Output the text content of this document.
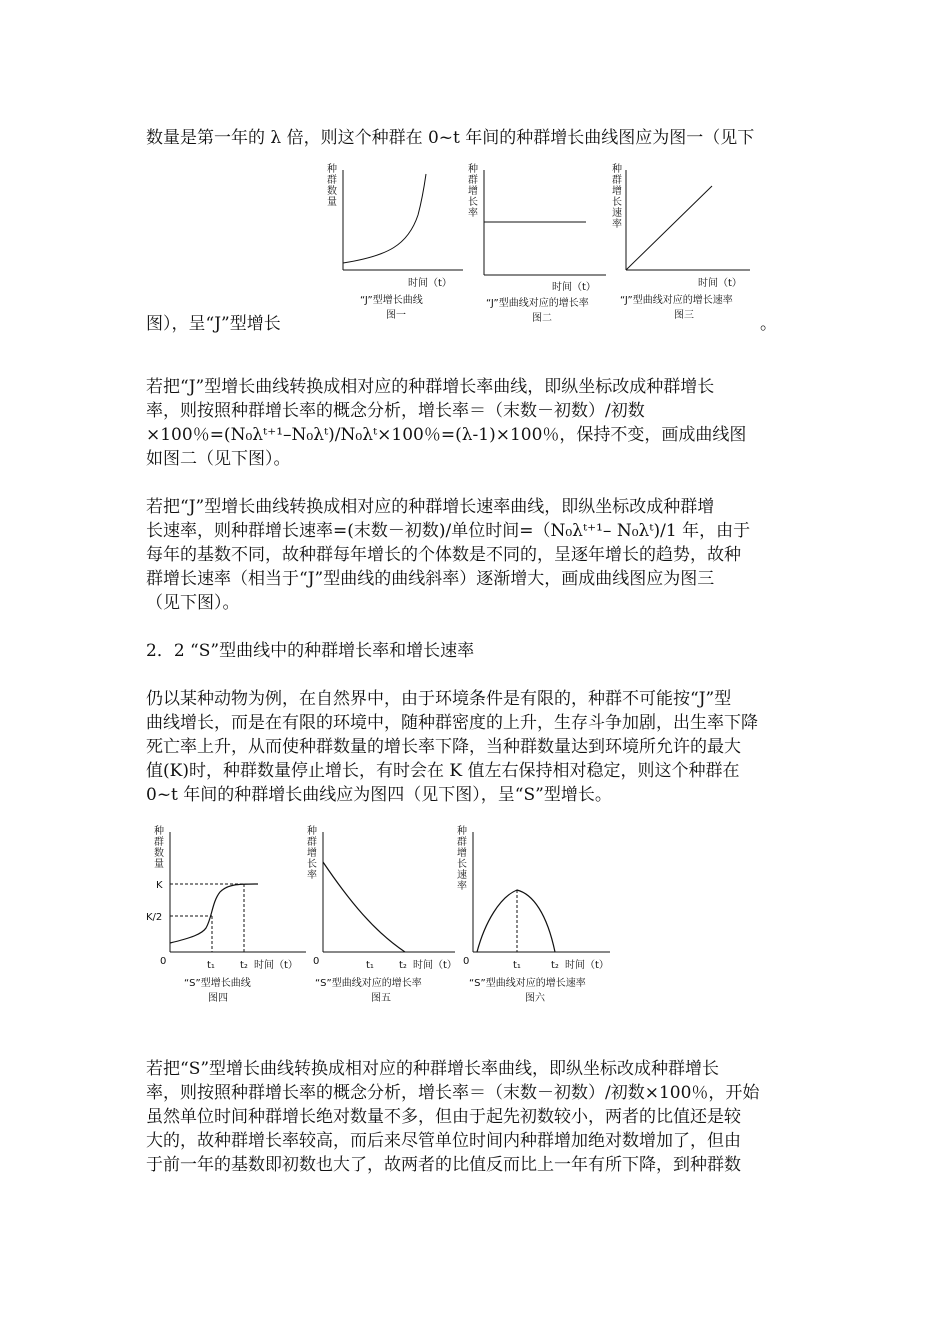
数量是第一年的 λ 倍，则这个种群在 0~t 年间的种群增长曲线图应为图一（见下
种
群
数
量
时间（t）
“J”型增长曲线
图一
种
群
增
长
率
时间（t）
“J”型曲线对应的增长率
图二
种
群
增
长
速
率
时间（t）
“J”型曲线对应的增长速率
图三
图），呈“J”型增长	。
若把“J”型增长曲线转换成相对应的种群增长率曲线，即纵坐标改成种群增长
率，则按照种群增长率的概念分析，增长率＝（末数－初数）/初数
×100％=(N₀λᵗ⁺¹–N₀λᵗ)/N₀λᵗ×100％=(λ-1)×100％，保持不变，画成曲线图
如图二（见下图）。
若把“J”型增长曲线转换成相对应的种群增长速率曲线，即纵坐标改成种群增
长速率，则种群增长速率=(末数－初数)/单位时间=（N₀λᵗ⁺¹– N₀λᵗ)/1 年，由于
每年的基数不同，故种群每年增长的个体数是不同的，呈逐年增长的趋势，故种
群增长速率（相当于“J”型曲线的曲线斜率）逐渐增大，画成曲线图应为图三
（见下图）。
2．2 “S”型曲线中的种群增长率和增长速率
仍以某种动物为例，在自然界中，由于环境条件是有限的，种群不可能按“J”型
曲线增长，而是在有限的环境中，随种群密度的上升，生存斗争加剧，出生率下降
死亡率上升，从而使种群数量的增长率下降，当种群数量达到环境所允许的最大
值(K)时，种群数量停止增长，有时会在 K 值左右保持相对稳定，则这个种群在
0~t 年间的种群增长曲线应为图四（见下图），呈“S”型增长。
种
群
数
量
K
K/2
0	t₁	t₂ 时间（t）
“S”型增长曲线
图四
种
群
增
长
率
0	t₁	t₂ 时间（t）
“S”型曲线对应的增长率
图五
种
群
增
长
速
率
0	t₁	t₂ 时间（t）
“S”型曲线对应的增长速率
图六
若把“S”型增长曲线转换成相对应的种群增长率曲线，即纵坐标改成种群增长
率，则按照种群增长率的概念分析，增长率＝（末数－初数）/初数×100％，开始
虽然单位时间种群增长绝对数量不多，但由于起先初数较小，两者的比值还是较
大的，故种群增长率较高，而后来尽管单位时间内种群增加绝对数增加了，但由
于前一年的基数即初数也大了，故两者的比值反而比上一年有所下降，到种群数
